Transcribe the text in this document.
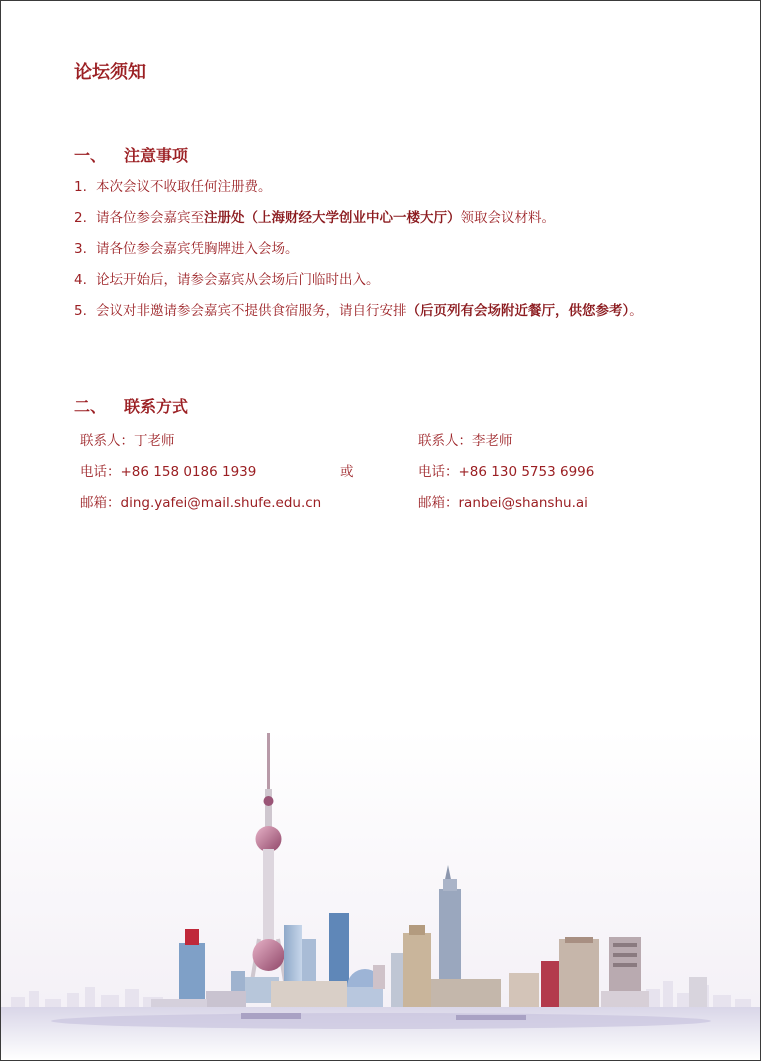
论坛须知
一、 注意事项
1. 本次会议不收取任何注册费。
2. 请各位参会嘉宾至注册处（上海财经大学创业中心一楼大厅）领取会议材料。
3. 请各位参会嘉宾凭胸牌进入会场。
4. 论坛开始后，请参会嘉宾从会场后门临时出入。
5. 会议对非邀请参会嘉宾不提供食宿服务，请自行安排（后页列有会场附近餐厅，供您参考）。
二、 联系方式
联系人：丁老师
电话：+86 158 0186 1939
邮箱：ding.yafei@mail.shufe.edu.cn
或
联系人：李老师
电话：+86 130 5753 6996
邮箱：ranbei@shanshu.ai
